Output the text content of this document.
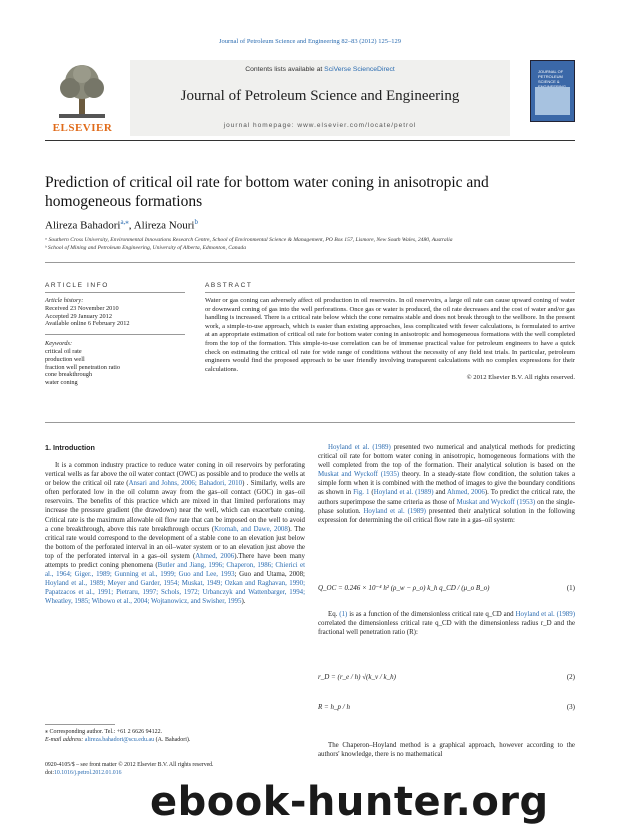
Journal of Petroleum Science and Engineering 82–83 (2012) 125–129
ELSEVIER
Contents lists available at SciVerse ScienceDirect
Journal of Petroleum Science and Engineering
journal homepage: www.elsevier.com/locate/petrol
JOURNAL OF PETROLEUM SCIENCE &
Prediction of critical oil rate for bottom water coning in anisotropic and homogeneous formations
Alireza Bahadori$^{a,⁎}$, Alireza Nouri$^b$
ᵃ Southern Cross University, Environmental Innovations Research Centre, School of Environmental Science & Management, PO Box 157, Lismore, New South Wales, 2480, Australia
ᵇ School of Mining and Petroleum Engineering, University of Alberta, Edmonton, Canada
ARTICLE INFO	ABSTRACT
Article history:
Received 23 November 2010
Accepted 29 January 2012
Available online 6 February 2012
Keywords:
critical oil rate
production well
fraction well penetration ratio
cone breakthrough
water coning
Water or gas coning can adversely affect oil production in oil reservoirs. In oil reservoirs, a large oil rate can cause upward coning of water or downward coning of gas into the well perforations. Once gas or water is produced, the oil rate decreases and the cost of water and/or gas handling is increased. There is a critical rate below which the cone remains stable and does not break through to the wellbore. In the present work, a simple-to-use approach, which is easier than existing approaches, less complicated with fewer calculations, is formulated to arrive at an appropriate estimation of critical oil rate for bottom water coning in anisotropic and homogeneous formations with the well completed from the top of the formation. This simple-to-use correlation can be of immense practical value for petroleum engineers to have a quick check on estimating the critical oil rate for wide range of conditions without the necessity of any field test trials. In particular, petroleum engineers would find the proposed approach to be user friendly involving transparent calculations with no complex expressions for their calculations.
© 2012 Elsevier B.V. All rights reserved.
1. Introduction
It is a common industry practice to reduce water coning in oil reservoirs by perforating vertical wells as far above the oil water contact (OWC) as possible and to produce the wells at or below the critical oil rate (Ansari and Johns, 2006; Bahadori, 2010) . Similarly, wells are often perforated low in the oil column away from the gas–oil contact (GOC) in gas–oil reservoirs. The benefits of this practice which are mixed in that limited perforations may increase the pressure gradient (the drawdown) near the well, which can exacerbate coning. Critical rate is the maximum allowable oil flow rate that can be imposed on the well to avoid a cone breakthrough, above this rate breakthrough occurs (Kromah, and Dawe, 2008). The critical rate would correspond to the development of a stable cone to an elevation just below the bottom of the perforated interval in an oil–water system or to an elevation just above the top of the perforated interval in a gas–oil system (Ahmed, 2006).There have been many attempts to predict coning phenomena (Butler and Jiang, 1996; Chaperon, 1986; Chierici et al., 1964; Giger., 1989; Gunning et al., 1999; Guo and Lee, 1993; Guo and Utama, 2008; Hoyland et al., 1989; Meyer and Garder, 1954; Muskat, 1949; Ozkan and Raghavan, 1990; Papatzacos et al., 1991; Pietraru, 1997; Schols, 1972; Urbanczyk and Wattenbarger, 1994; Wheatley, 1985; Wibowo et al., 2004; Wojtanowicz, and Swisher, 1995).
Hoyland et al. (1989) presented two numerical and analytical methods for predicting critical oil rate for bottom water coning in anisotropic, homogeneous formations with the well completed from the top of the formation. Their analytical solution is based on the Muskat and Wyckoff (1935) theory. In a steady-state flow condition, the solution takes a simple form when it is combined with the method of images to give the boundary conditions as shown in Fig. 1 (Hoyland et al. (1989) and Ahmed, 2006). To predict the critical rate, the authors superimpose the same criteria as those of Muskat and Wyckoff (1953) on the single-phase solution. Hoyland et al. (1989) presented their analytical solution in the following expression for determining the oil critical flow rate in a gas–oil system:
Q_OC = 0.246 × 10⁻⁴ h² (ρ_w − ρ_o) k_h q_CD / (μ_o B_o)	(1)
Eq. (1) is as a function of the dimensionless critical rate q_CD and Hoyland et al. (1989) correlated the dimensionless critical rate q_CD with the dimensionless radius r_D and the fractional well penetration ratio (R):
r_D = (r_e / h) √(k_v / k_h)	(2)
R = h_p / h	(3)
The Chaperon–Hoyland method is a graphical approach, however according to the authors' knowledge, there is no mathematical
⁎ Corresponding author. Tel.: +61 2 6626 94122.
E-mail address: alireza.bahadori@scu.edu.au (A. Bahadori).
0920-4105/$ – see front matter © 2012 Elsevier B.V. All rights reserved.
doi:10.1016/j.petrol.2012.01.016
ebook-hunter.org
